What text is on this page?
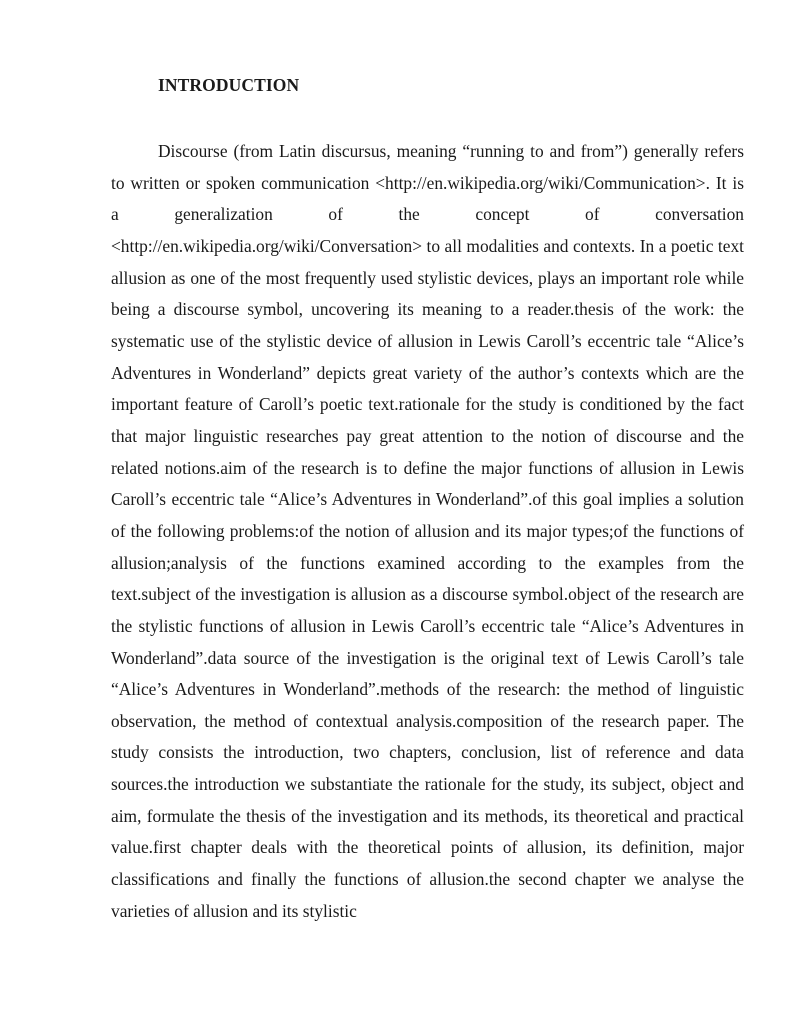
INTRODUCTION

Discourse (from Latin discursus, meaning “running to and from”) generally refers to written or spoken communication <http://en.wikipedia.org/wiki/Communication>. It is a generalization of the concept of conversation <http://en.wikipedia.org/wiki/Conversation> to all modalities and contexts. In a poetic text allusion as one of the most frequently used stylistic devices, plays an important role while being a discourse symbol, uncovering its meaning to a reader.thesis of the work: the systematic use of the stylistic device of allusion in Lewis Caroll’s eccentric tale “Alice’s Adventures in Wonderland” depicts great variety of the author’s contexts which are the important feature of Caroll’s poetic text.rationale for the study is conditioned by the fact that major linguistic researches pay great attention to the notion of discourse and the related notions.aim of the research is to define the major functions of allusion in Lewis Caroll’s eccentric tale “Alice’s Adventures in Wonderland”.of this goal implies a solution of the following problems:of the notion of allusion and its major types;of the functions of allusion;analysis of the functions examined according to the examples from the text.subject of the investigation is allusion as a discourse symbol.object of the research are the stylistic functions of allusion in Lewis Caroll’s eccentric tale “Alice’s Adventures in Wonderland”.data source of the investigation is the original text of Lewis Caroll’s tale “Alice’s Adventures in Wonderland”.methods of the research: the method of linguistic observation, the method of contextual analysis.composition of the research paper. The study consists the introduction, two chapters, conclusion, list of reference and data sources.the introduction we substantiate the rationale for the study, its subject, object and aim, formulate the thesis of the investigation and its methods, its theoretical and practical value.first chapter deals with the theoretical points of allusion, its definition, major classifications and finally the functions of allusion.the second chapter we analyse the varieties of allusion and its stylistic
